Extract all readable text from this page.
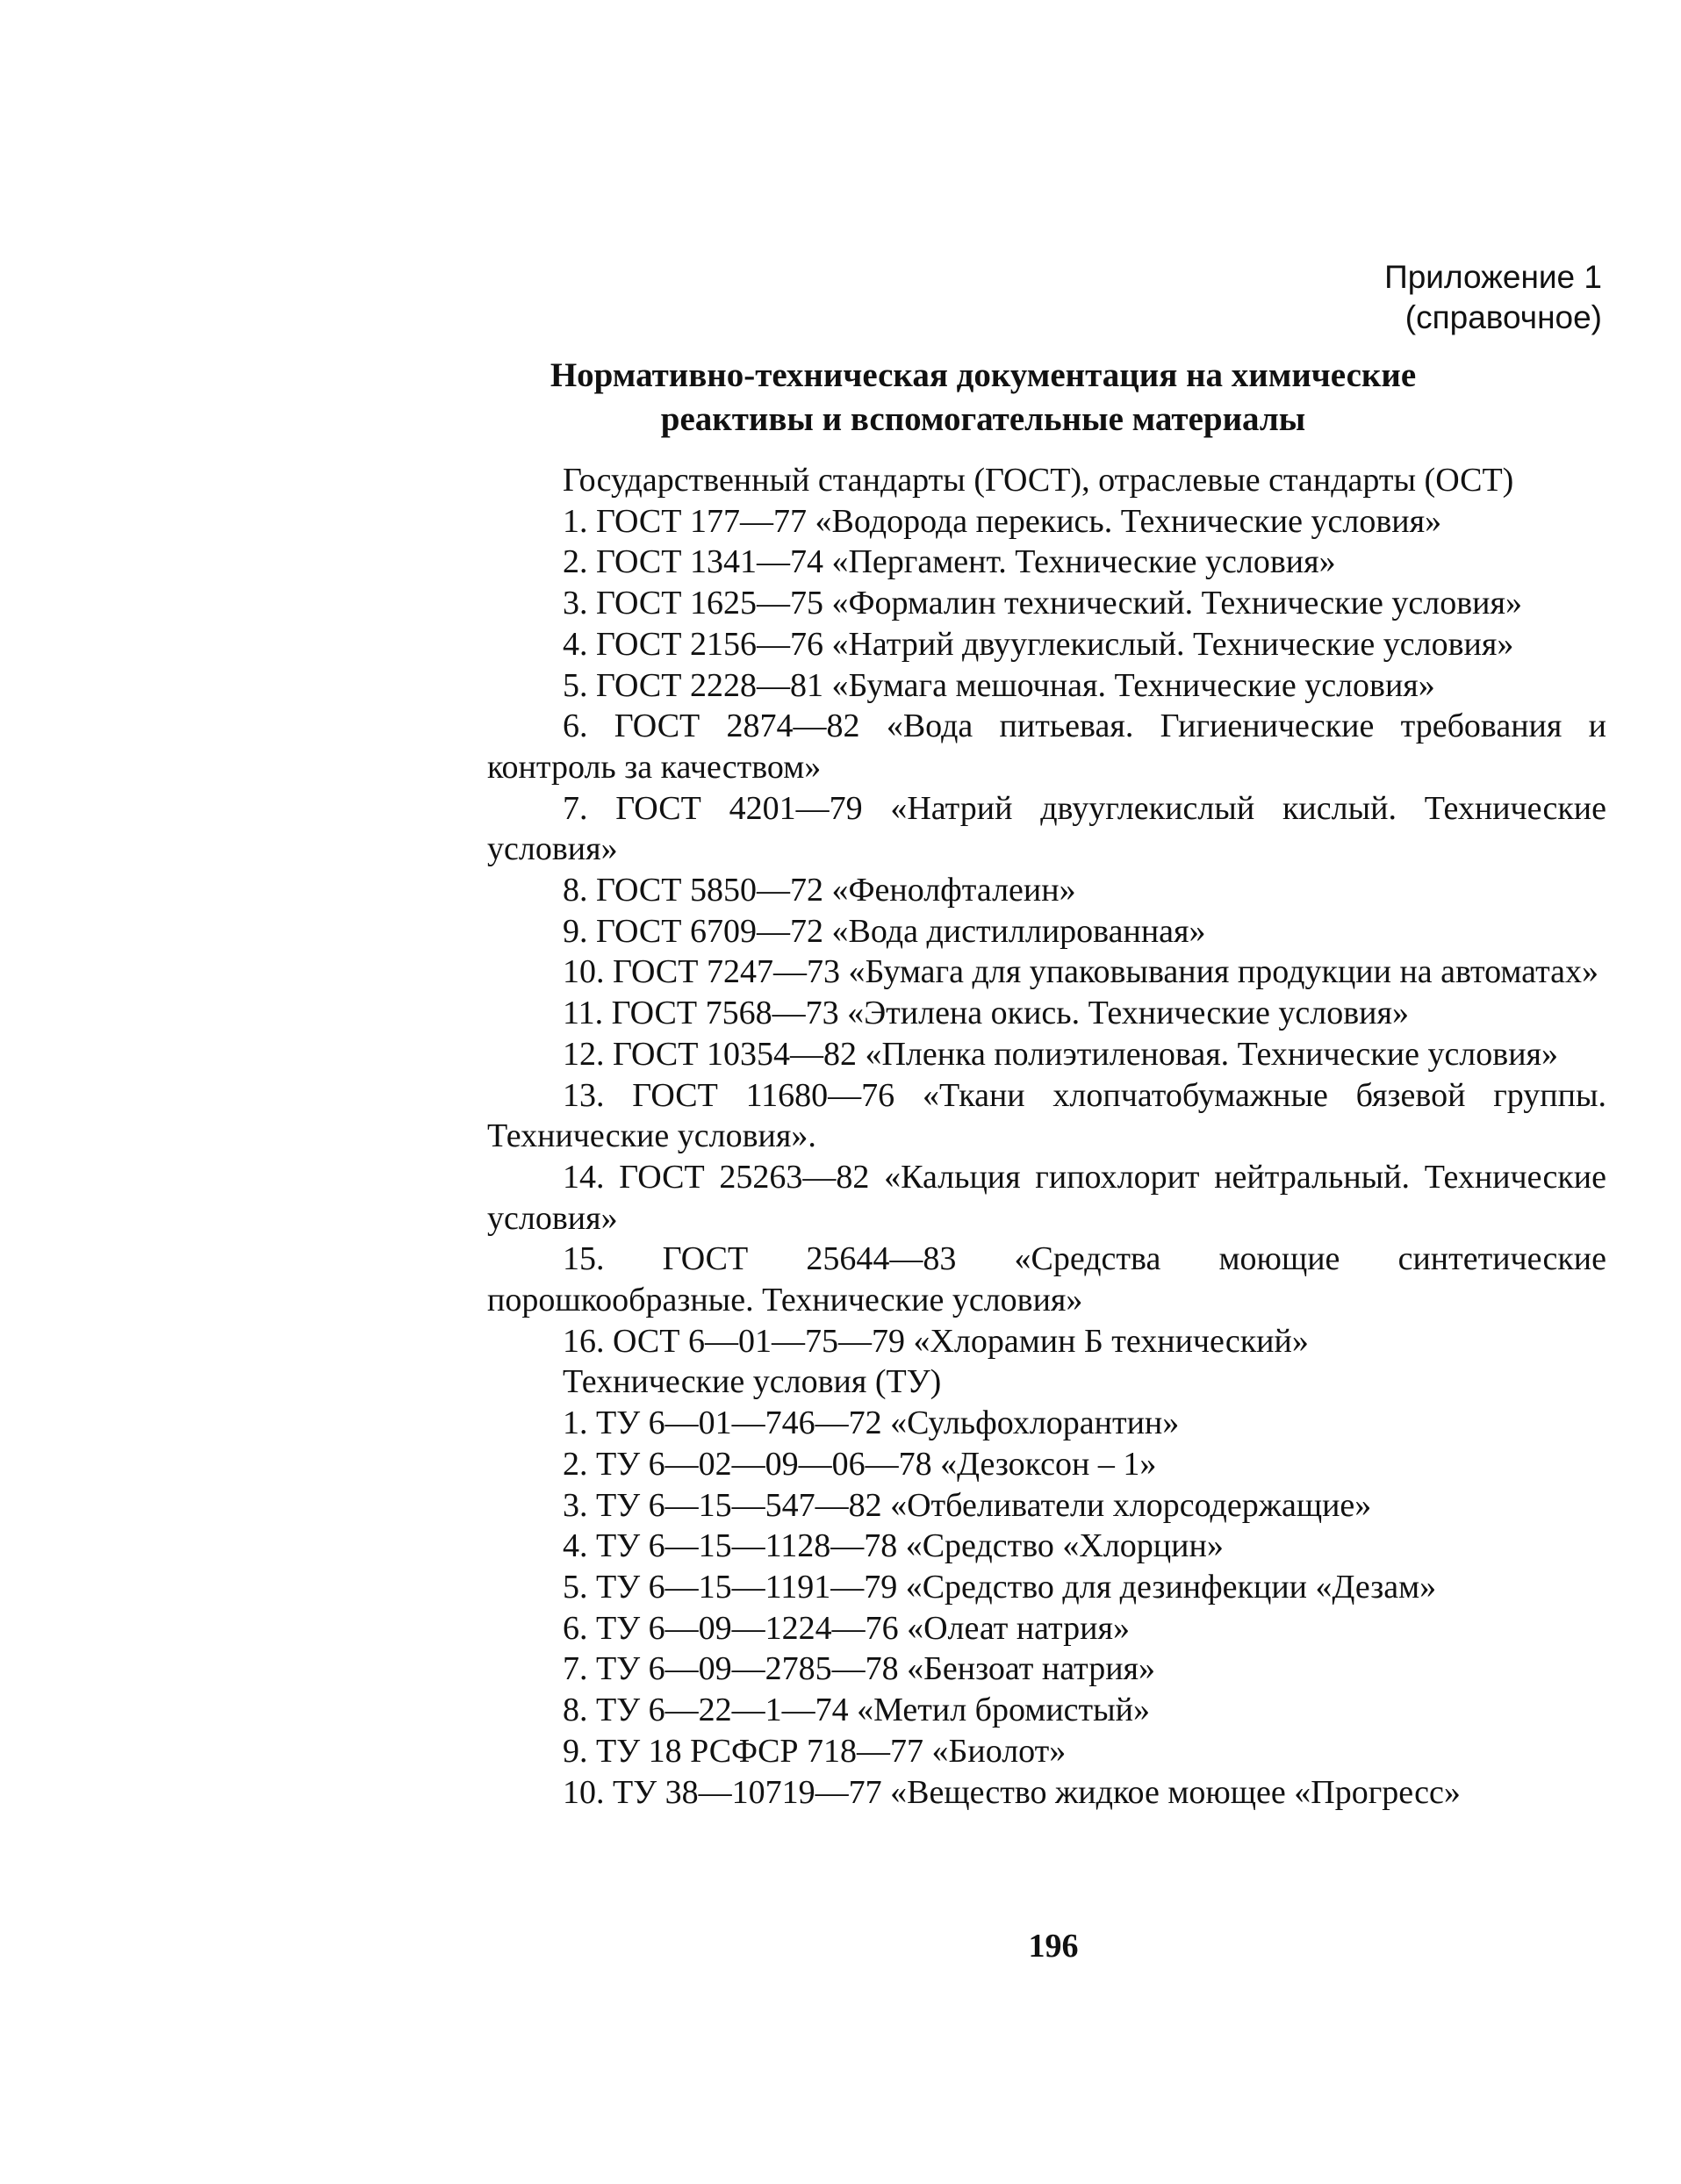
Приложение 1
(справочное)
Нормативно-техническая документация на химические
реактивы и вспомогательные материалы

Государственный стандарты (ГОСТ), отраслевые стандарты (ОСТ)

1. ГОСТ 177—77 «Водорода перекись. Технические условия»

2. ГОСТ 1341—74 «Пергамент. Технические условия»

3. ГОСТ 1625—75 «Формалин технический. Технические условия»

4. ГОСТ 2156—76 «Натрий двууглекислый. Технические условия»

5. ГОСТ 2228—81 «Бумага мешочная. Технические условия»

6. ГОСТ 2874—82 «Вода питьевая. Гигиенические требования и контроль за качеством»

7. ГОСТ 4201—79 «Натрий двууглекислый кислый. Технические условия»

8. ГОСТ 5850—72 «Фенолфталеин»

9. ГОСТ 6709—72 «Вода дистиллированная»

10. ГОСТ 7247—73 «Бумага для упаковывания продукции на автоматах»

11. ГОСТ 7568—73 «Этилена окись. Технические условия»

12. ГОСТ 10354—82 «Пленка полиэтиленовая. Технические условия»

13. ГОСТ 11680—76 «Ткани хлопчатобумажные бязевой группы. Технические условия».

14. ГОСТ 25263—82 «Кальция гипохлорит нейтральный. Технические условия»

15. ГОСТ 25644—83 «Средства моющие синтетические порошкообразные. Технические условия»

16. ОСТ 6—01—75—79 «Хлорамин Б технический»

Технические условия (ТУ)

1. ТУ 6—01—746—72 «Сульфохлорантин»

2. ТУ 6—02—09—06—78 «Дезоксон – 1»

3. ТУ 6—15—547—82 «Отбеливатели хлорсодержащие»

4. ТУ 6—15—1128—78 «Средство «Хлорцин»

5. ТУ 6—15—1191—79 «Средство для дезинфекции «Дезам»

6. ТУ 6—09—1224—76 «Олеат натрия»

7. ТУ 6—09—2785—78 «Бензоат натрия»

8. ТУ 6—22—1—74 «Метил бромистый»

9. ТУ 18 РСФСР 718—77 «Биолот»

10. ТУ 38—10719—77 «Вещество жидкое моющее «Прогресс»

196
